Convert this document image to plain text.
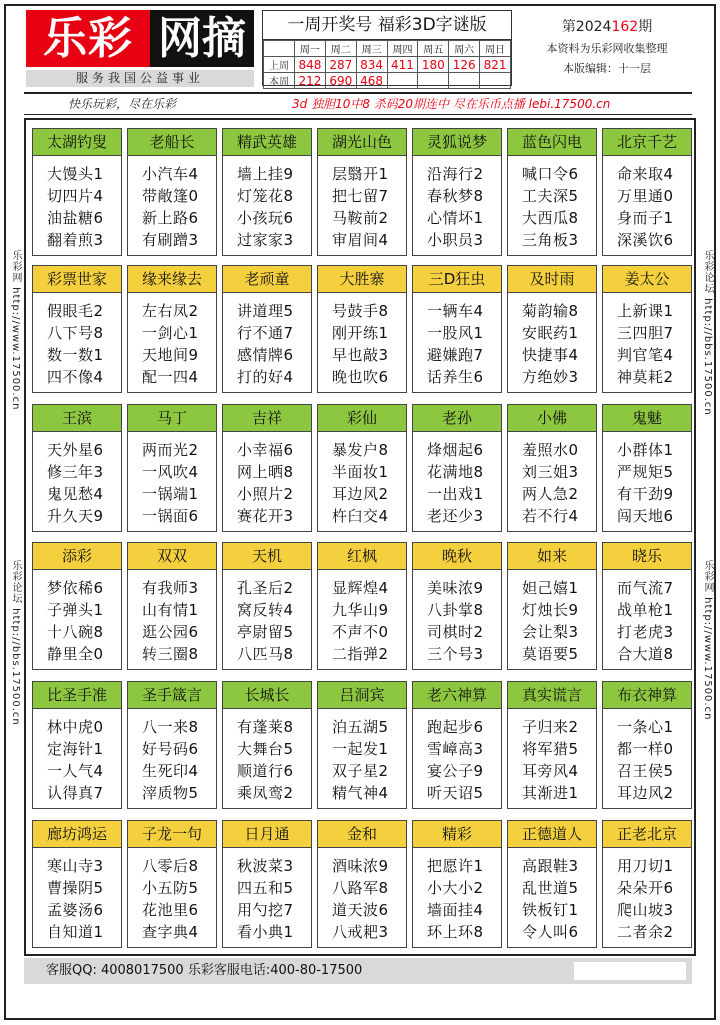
乐彩 网摘
服务我国公益事业
一周开奖号 福彩3D字谜版
	周一	周二	周三	周四	周五	周六	周日
上周	848	287	834	411	180	126	821
本周	212	690	468				
第2024162期
本资料为乐彩网收集整理
本版编辑：十一层
快乐玩彩，尽在乐彩	3d 独胆10中8 杀码20期连中 尽在乐币点播 lebi.17500.cn
乐彩网 http://www.17500.cn
乐彩论坛 http://bbs.17500.cn
乐彩论坛 http://bbs.17500.cn
乐彩网 http://www.17500.cn
太湖钓叟
大馒头1
切四片4
油盐糖6
翻着煎3
老船长
小汽车4
带敞篷0
新上路6
有刷蹭3
精武英雄
墙上挂9
灯笼花8
小孩玩6
过家家3
湖光山色
层翳开1
把七留7
马鞍前2
审眉间4
灵狐说梦
沿海行2
春秋梦8
心情坏1
小职员3
蓝色闪电
喊口令6
工夫深5
大西瓜8
三角板3
北京千艺
命来取4
万里通0
身而子1
深溪饮6
彩票世家
假眼毛2
八下号8
数一数1
四不像4
缘来缘去
左右凤2
一剑心1
天地间9
配一四4
老顽童
讲道理5
行不通7
感情牌6
打的好4
大胜寨
号鼓手8
刚开练1
早也敲3
晚也吹6
三D狂虫
一辆车4
一股风1
避嫌跑7
话养生6
及时雨
菊韵输8
安眠药1
快捷事4
方绝妙3
姜太公
上新课1
三四胆7
判官笔4
神莫耗2
王滨
天外星6
修三年3
鬼见愁4
升久天9
马丁
两而光2
一风吹4
一锅端1
一锅面6
吉祥
小幸福6
网上晒8
小照片2
赛花开3
彩仙
暴发户8
半面妆1
耳边风2
杵臼交4
老孙
烽烟起6
花满地8
一出戏1
老还少3
小佛
羞照水0
刘三姐3
两人急2
若不行4
鬼魅
小群体1
严规矩5
有干劲9
闯天地6
添彩
梦依稀6
子弹头1
十八碗8
静里全0
双双
有我师3
山有情1
逛公园6
转三圈8
天机
孔圣后2
窝反转4
亭尉留5
八匹马8
红枫
显辉煌4
九华山9
不声不0
二指弹2
晚秋
美味浓9
八卦掌8
司棋时2
三个号3
如来
妲己嬉1
灯烛长9
会让梨3
莫语要5
晓乐
而气流7
战单枪1
打老虎3
合大道8
比圣手准
林中虎0
定海针1
一人气4
认得真7
圣手箴言
八一来8
好号码6
生死印4
滓质物5
长城长
有蓬莱8
大舞台5
顺道行6
乘凤鸾2
吕洞宾
泊五湖5
一起发1
双子星2
精气神4
老六神算
跑起步6
雪嶂高3
宴公子9
听天诏5
真实谎言
子归来2
将军猎5
耳旁风4
其渐进1
布衣神算
一条心1
都一样0
召王侯5
耳边风2
廊坊鸿运
寒山寺3
曹操阴5
孟婆汤6
自知道1
子龙一句
八零后8
小五防5
花池里6
查字典4
日月通
秋波菜3
四五和5
用勺挖7
看小典1
金和
酒味浓9
八路军8
道天波6
八戒耙3
精彩
把愿许1
小大小2
墙面挂4
环上环8
正德道人
高跟鞋3
乱世道5
铁板钉1
令人叫6
正老北京
用刀切1
朵朵开6
爬山坡3
二者余2
客服QQ: 4008017500 乐彩客服电话:400-80-17500
